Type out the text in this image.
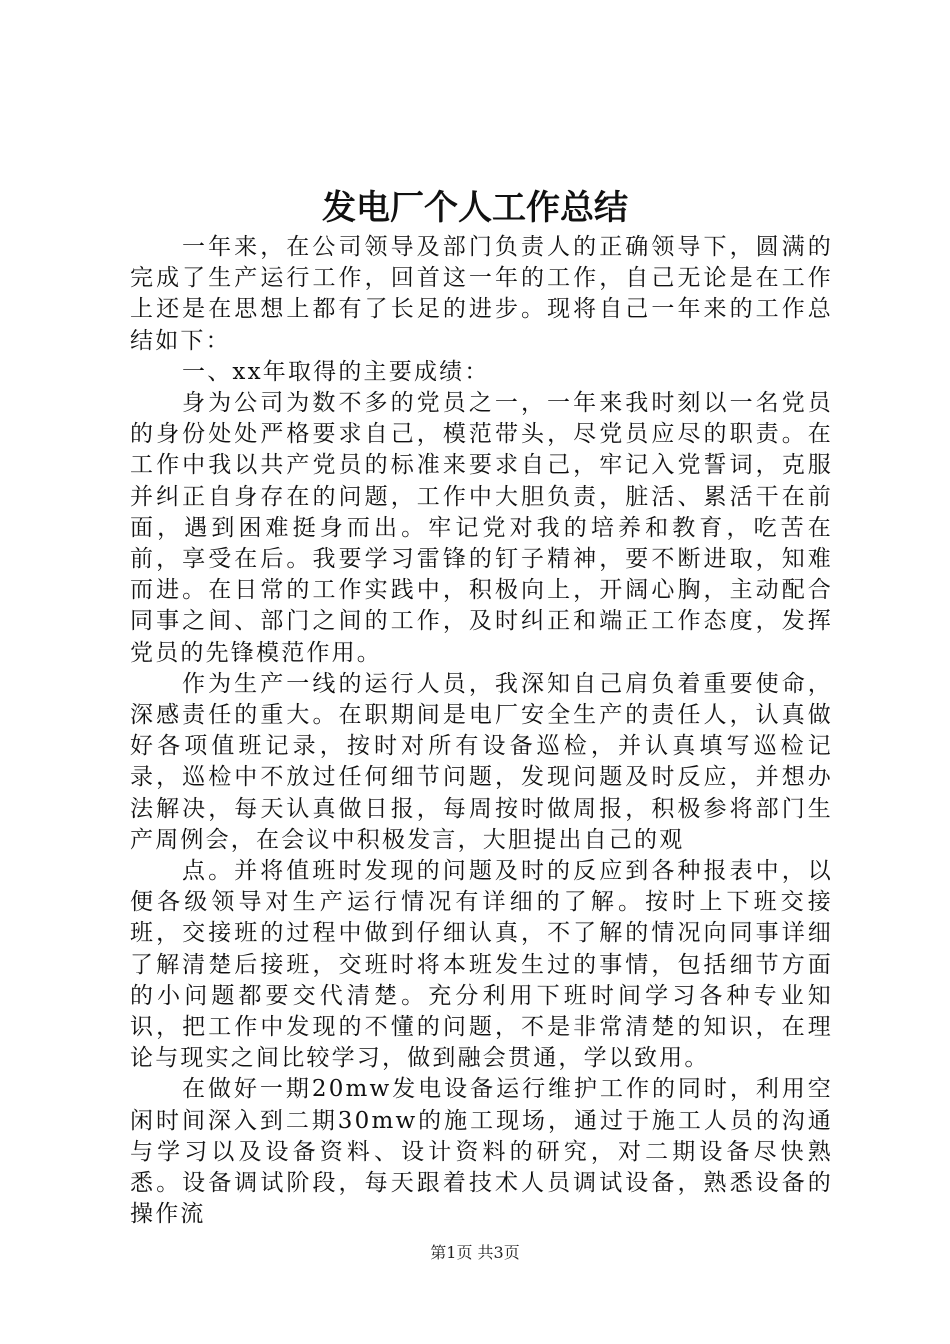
发电厂个人工作总结

一年来，在公司领导及部门负责人的正确领导下，圆满的完成了生产运行工作，回首这一年的工作，自己无论是在工作上还是在思想上都有了长足的进步。现将自己一年来的工作总结如下：

一、xx年取得的主要成绩：

身为公司为数不多的党员之一，一年来我时刻以一名党员的身份处处严格要求自己，模范带头，尽党员应尽的职责。在工作中我以共产党员的标准来要求自己，牢记入党誓词，克服并纠正自身存在的问题，工作中大胆负责，脏活、累活干在前面，遇到困难挺身而出。牢记党对我的培养和教育，吃苦在前，享受在后。我要学习雷锋的钉子精神，要不断进取，知难而进。在日常的工作实践中，积极向上，开阔心胸，主动配合同事之间、部门之间的工作，及时纠正和端正工作态度，发挥党员的先锋模范作用。

作为生产一线的运行人员，我深知自己肩负着重要使命，深感责任的重大。在职期间是电厂安全生产的责任人，认真做好各项值班记录，按时对所有设备巡检，并认真填写巡检记录，巡检中不放过任何细节问题，发现问题及时反应，并想办法解决，每天认真做日报，每周按时做周报，积极参将部门生产周例会，在会议中积极发言，大胆提出自己的观

点。并将值班时发现的问题及时的反应到各种报表中，以便各级领导对生产运行情况有详细的了解。按时上下班交接班，交接班的过程中做到仔细认真，不了解的情况向同事详细了解清楚后接班，交班时将本班发生过的事情，包括细节方面的小问题都要交代清楚。充分利用下班时间学习各种专业知识，把工作中发现的不懂的问题，不是非常清楚的知识，在理论与现实之间比较学习，做到融会贯通，学以致用。

在做好一期20mw发电设备运行维护工作的同时，利用空闲时间深入到二期30mw的施工现场，通过于施工人员的沟通与学习以及设备资料、设计资料的研究，对二期设备尽快熟悉。设备调试阶段，每天跟着技术人员调试设备，熟悉设备的操作流

第1页 共3页
